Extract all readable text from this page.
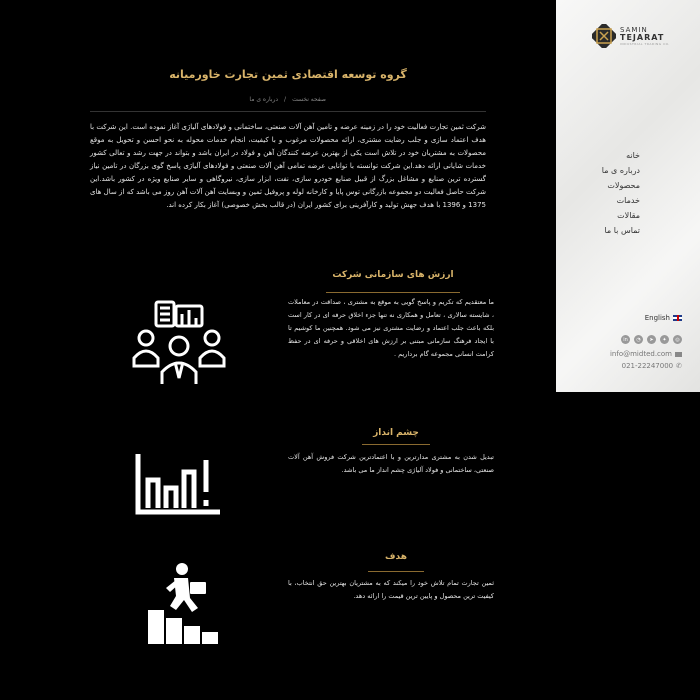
گروه توسعه اقتصادی ثمین تجارت خاورمیانه
صفحه نخست
/
درباره ی ما

شرکت ثمین تجارت فعالیت خود را در زمینه عرضه و تامین آهن آلات صنعتی، ساختمانی و فولادهای آلیاژی آغاز نموده است. این شرکت با هدف اعتماد سازی و جلب رضایت مشتری، ارائه محصولات مرغوب و با کیفیت، انجام خدمات محوله به نحو احسن و تحویل به موقع محصولات به مشتریان خود در تلاش است یکی از بهترین عرضه کنندگان آهن و فولاد در ایران باشد و بتواند در جهت رشد و تعالی کشور خدمات شایانی ارائه دهد.این شرکت توانسته با توانایی عرضه تمامی آهن آلات صنعتی و فولادهای آلیاژی پاسخ گوی بزرگان در تامین نیاز گسترده ترین صنایع و مشاغل بزرگ از قبیل صنایع خودرو سازی، نفت، ابزار سازی، نیروگاهی و سایر صنایع ویژه در کشور باشد.این شرکت حاصل فعالیت دو مجموعه بازرگانی توس پایا و کارخانه لوله و پروفیل ثمین و وبسایت آهن آلات آهن روز می باشد که از سال های 1375 و 1396 با هدف جهش تولید و کارآفرینی برای کشور ایران (در قالب بخش خصوصی) آغاز بکار کرده اند.

ارزش های سازمانی شرکت

ما معتقدیم که تکریم و پاسخ گویی به موقع به مشتری ، صداقت در معاملات ، شایسته سالاری ، تعامل و همکاری نه تنها جزء اخلاق حرفه ای در کار است بلکه باعث جلب اعتماد و رضایت مشتری نیز می شود. همچنین ما کوشیم تا با ایجاد فرهنگ سازمانی مبتنی بر ارزش های اخلاقی و حرفه ای در حفظ کرامت انسانی مجموعه گام برداریم .

چشم انداز

تبدیل شدن به مشتری مدارترین و با اعتمادترین شرکت فروش آهن آلات صنعتی، ساختمانی و فولاد آلیاژی چشم انداز ما می باشد.

هدف

ثمین تجارت تمام تلاش خود را میکند که به مشتریان بهترین حق انتخاب، با کیفیت ترین محصول و پایین ترین قیمت را ارائه دهد.

SAMIN
TEJARAT
INDUSTRIAL TRADING CO.
خانه
درباره ی ما
محصولات
خدمات
مقالات
تماس با ما
English
in	◔	➤	✦	◎
info@midted.com
021-22247000 ✆
